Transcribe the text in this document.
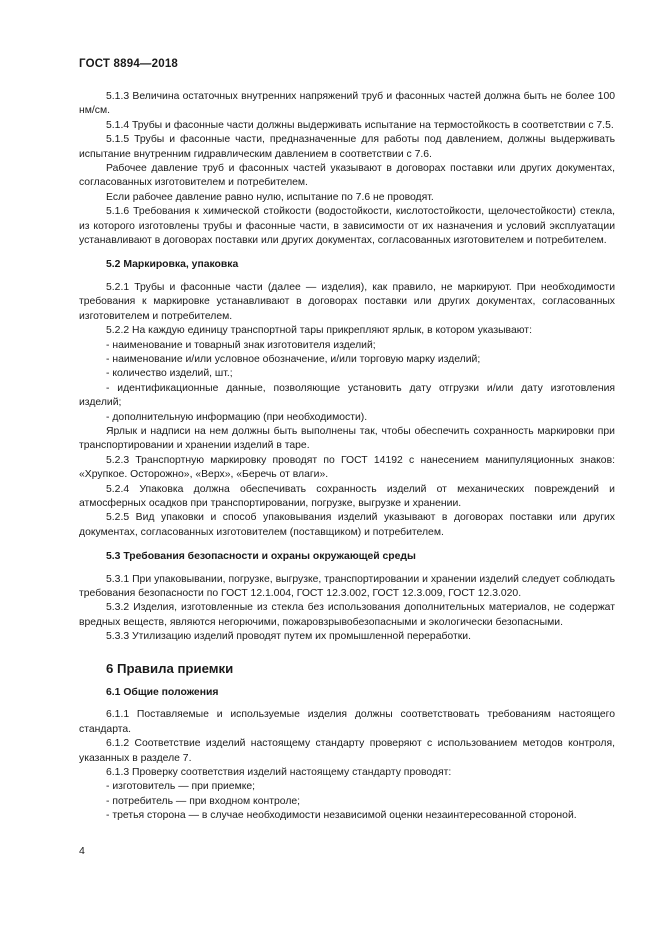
ГОСТ 8894—2018

5.1.3 Величина остаточных внутренних напряжений труб и фасонных частей должна быть не более 100 нм/см.

5.1.4 Трубы и фасонные части должны выдерживать испытание на термостойкость в соответствии с 7.5.

5.1.5 Трубы и фасонные части, предназначенные для работы под давлением, должны выдерживать испытание внутренним гидравлическим давлением в соответствии с 7.6.

Рабочее давление труб и фасонных частей указывают в договорах поставки или других документах, согласованных изготовителем и потребителем.

Если рабочее давление равно нулю, испытание по 7.6 не проводят.

5.1.6 Требования к химической стойкости (водостойкости, кислотостойкости, щелочестойкости) стекла, из которого изготовлены трубы и фасонные части, в зависимости от их назначения и условий эксплуатации устанавливают в договорах поставки или других документах, согласованных изготовителем и потребителем.

5.2 Маркировка, упаковка

5.2.1 Трубы и фасонные части (далее — изделия), как правило, не маркируют. При необходимости требования к маркировке устанавливают в договорах поставки или других документах, согласованных изготовителем и потребителем.

5.2.2 На каждую единицу транспортной тары прикрепляют ярлык, в котором указывают:

- наименование и товарный знак изготовителя изделий;

- наименование и/или условное обозначение, и/или торговую марку изделий;

- количество изделий, шт.;

- идентификационные данные, позволяющие установить дату отгрузки и/или дату изготовления изделий;

- дополнительную информацию (при необходимости).

Ярлык и надписи на нем должны быть выполнены так, чтобы обеспечить сохранность маркировки при транспортировании и хранении изделий в таре.

5.2.3 Транспортную маркировку проводят по ГОСТ 14192 с нанесением манипуляционных знаков: «Хрупкое. Осторожно», «Верх», «Беречь от влаги».

5.2.4 Упаковка должна обеспечивать сохранность изделий от механических повреждений и атмосферных осадков при транспортировании, погрузке, выгрузке и хранении.

5.2.5 Вид упаковки и способ упаковывания изделий указывают в договорах поставки или других документах, согласованных изготовителем (поставщиком) и потребителем.

5.3 Требования безопасности и охраны окружающей среды

5.3.1 При упаковывании, погрузке, выгрузке, транспортировании и хранении изделий следует соблюдать требования безопасности по ГОСТ 12.1.004, ГОСТ 12.3.002, ГОСТ 12.3.009, ГОСТ 12.3.020.

5.3.2 Изделия, изготовленные из стекла без использования дополнительных материалов, не содержат вредных веществ, являются негорючими, пожаровзрывобезопасными и экологически безопасными.

5.3.3 Утилизацию изделий проводят путем их промышленной переработки.

6 Правила приемки
6.1 Общие положения

6.1.1 Поставляемые и используемые изделия должны соответствовать требованиям настоящего стандарта.

6.1.2 Соответствие изделий настоящему стандарту проверяют с использованием методов контроля, указанных в разделе 7.

6.1.3 Проверку соответствия изделий настоящему стандарту проводят:

- изготовитель — при приемке;

- потребитель — при входном контроле;

- третья сторона — в случае необходимости независимой оценки незаинтересованной стороной.

4
